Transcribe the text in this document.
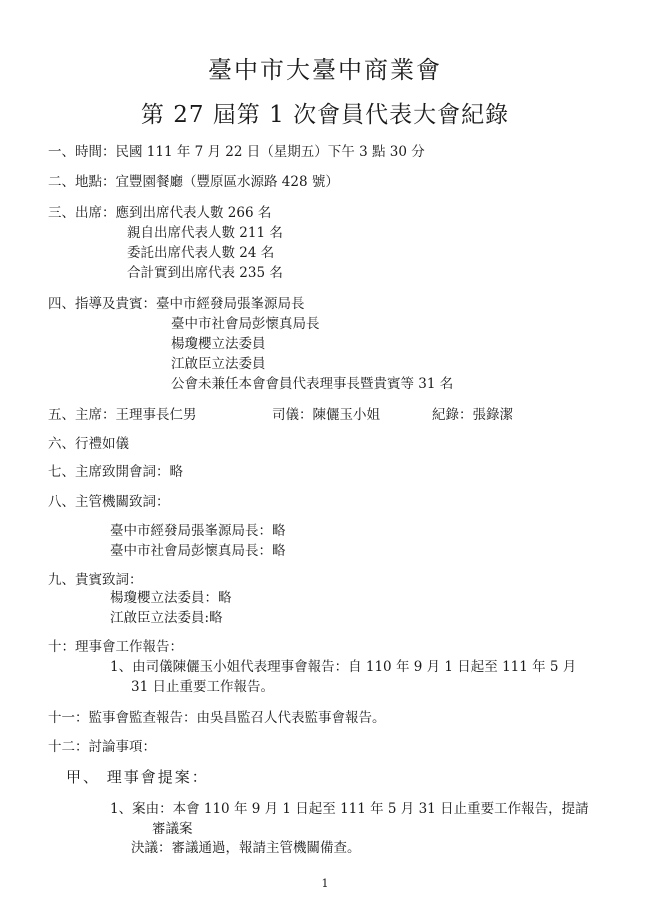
臺中市大臺中商業會
第 27 屆第 1 次會員代表大會紀錄
一、時間：民國 111 年 7 月 22 日（星期五）下午 3 點 30 分
二、地點：宜豐園餐廳（豐原區水源路 428 號）
三、出席：應到出席代表人數 266 名
親自出席代表人數 211 名
委託出席代表人數 24 名
合計實到出席代表 235 名
四、指導及貴賓：臺中市經發局張峯源局長
臺中市社會局彭懷真局長
楊瓊櫻立法委員
江啟臣立法委員
公會未兼任本會會員代表理事長暨貴賓等 31 名
五、主席：王理事長仁男	司儀：陳儷玉小姐	紀錄：張錄潔
六、行禮如儀
七、主席致開會詞：略
八、主管機關致詞：
臺中市經發局張峯源局長：略
臺中市社會局彭懷真局長：略
九、貴賓致詞：
楊瓊櫻立法委員：略
江啟臣立法委員:略
十：理事會工作報告：
1、由司儀陳儷玉小姐代表理事會報告：自 110 年 9 月 1 日起至 111 年 5 月
31 日止重要工作報告。
十一：監事會監查報告：由吳昌監召人代表監事會報告。
十二：討論事項：
甲、 理事會提案：
1、案由：本會 110 年 9 月 1 日起至 111 年 5 月 31 日止重要工作報告，提請
審議案
決議：審議通過，報請主管機關備查。
1
